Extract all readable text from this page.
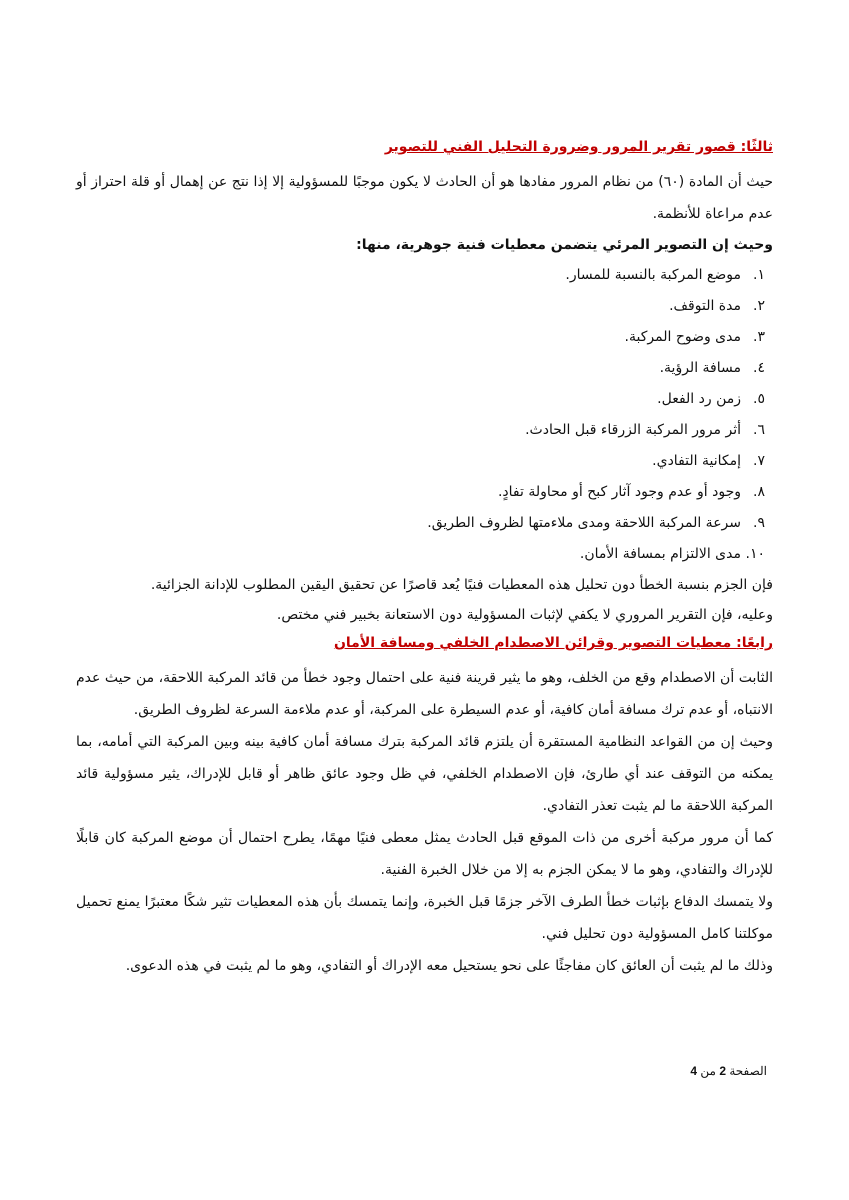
ثالثًا: قصور تقرير المرور وضرورة التحليل الفني للتصوير

حيث أن المادة (٦٠) من نظام المرور مفادها هو أن الحادث لا يكون موجبًا للمسؤولية إلا إذا نتج عن إهمال أو قلة احتراز أو عدم مراعاة للأنظمة.

وحيث إن التصوير المرئي يتضمن معطيات فنية جوهرية، منها:

١.موضع المركبة بالنسبة للمسار.
٢.مدة التوقف.
٣.مدى وضوح المركبة.
٤.مسافة الرؤية.
٥.زمن رد الفعل.
٦.أثر مرور المركبة الزرقاء قبل الحادث.
٧.إمكانية التفادي.
٨.وجود أو عدم وجود آثار كبح أو محاولة تفادٍ.
٩.سرعة المركبة اللاحقة ومدى ملاءمتها لظروف الطريق.
١٠.مدى الالتزام بمسافة الأمان.

فإن الجزم بنسبة الخطأ دون تحليل هذه المعطيات فنيًا يُعد قاصرًا عن تحقيق اليقين المطلوب للإدانة الجزائية.

وعليه، فإن التقرير المروري لا يكفي لإثبات المسؤولية دون الاستعانة بخبير فني مختص.

رابعًا: معطيات التصوير وقرائن الاصطدام الخلفي ومسافة الأمان

الثابت أن الاصطدام وقع من الخلف، وهو ما يثير قرينة فنية على احتمال وجود خطأ من قائد المركبة اللاحقة، من حيث عدم الانتباه، أو عدم ترك مسافة أمان كافية، أو عدم السيطرة على المركبة، أو عدم ملاءمة السرعة لظروف الطريق.

وحيث إن من القواعد النظامية المستقرة أن يلتزم قائد المركبة بترك مسافة أمان كافية بينه وبين المركبة التي أمامه، بما يمكنه من التوقف عند أي طارئ، فإن الاصطدام الخلفي، في ظل وجود عائق ظاهر أو قابل للإدراك، يثير مسؤولية قائد المركبة اللاحقة ما لم يثبت تعذر التفادي.

كما أن مرور مركبة أخرى من ذات الموقع قبل الحادث يمثل معطى فنيًا مهمًا، يطرح احتمال أن موضع المركبة كان قابلًا للإدراك والتفادي، وهو ما لا يمكن الجزم به إلا من خلال الخبرة الفنية.

ولا يتمسك الدفاع بإثبات خطأ الطرف الآخر جزمًا قبل الخبرة، وإنما يتمسك بأن هذه المعطيات تثير شكًا معتبرًا يمنع تحميل موكلتنا كامل المسؤولية دون تحليل فني.

وذلك ما لم يثبت أن العائق كان مفاجئًا على نحو يستحيل معه الإدراك أو التفادي، وهو ما لم يثبت في هذه الدعوى.

الصفحة 2 من 4
